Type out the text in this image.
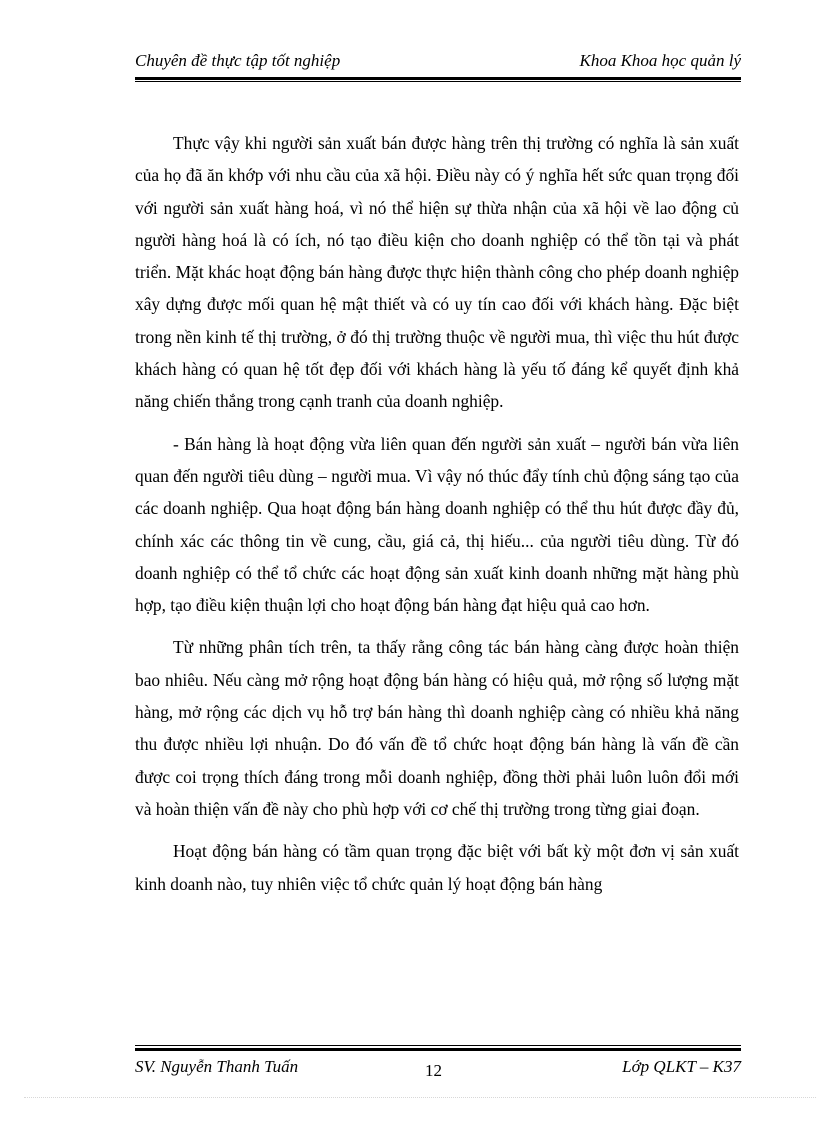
Chuyên đề thực tập tốt nghiệp	Khoa Khoa học quản lý

Thực vậy khi người sản xuất bán được hàng trên thị trường có nghĩa là sản xuất của họ đã ăn khớp với nhu cầu của xã hội. Điều này có ý nghĩa hết sức quan trọng đối với người sản xuất hàng hoá, vì nó thể hiện sự thừa nhận của xã hội về lao động củ người hàng hoá là có ích, nó tạo điều kiện cho doanh nghiệp có thể tồn tại và phát triển. Mặt khác hoạt động bán hàng được thực hiện thành công cho phép doanh nghiệp xây dựng được mối quan hệ mật thiết và có uy tín cao đối với khách hàng. Đặc biệt trong nền kinh tế thị trường, ở đó thị trường thuộc về người mua, thì việc thu hút được khách hàng có quan hệ tốt đẹp đối với khách hàng là yếu tố đáng kể quyết định khả năng chiến thắng trong cạnh tranh của doanh nghiệp.

- Bán hàng là hoạt động vừa liên quan đến người sản xuất – người bán vừa liên quan đến người tiêu dùng – người mua. Vì vậy nó thúc đẩy tính chủ động sáng tạo của các doanh nghiệp. Qua hoạt động bán hàng doanh nghiệp có thể thu hút được đầy đủ, chính xác các thông tin về cung, cầu, giá cả, thị hiếu... của người tiêu dùng. Từ đó doanh nghiệp có thể tổ chức các hoạt động sản xuất kinh doanh những mặt hàng phù hợp, tạo điều kiện thuận lợi cho hoạt động bán hàng đạt hiệu quả cao hơn.

Từ những phân tích trên, ta thấy rằng công tác bán hàng càng được hoàn thiện bao nhiêu. Nếu càng mở rộng hoạt động bán hàng có hiệu quả, mở rộng số lượng mặt hàng, mở rộng các dịch vụ hỗ trợ bán hàng thì doanh nghiệp càng có nhiều khả năng thu được nhiều lợi nhuận. Do đó vấn đề tổ chức hoạt động bán hàng là vấn đề cần được coi trọng thích đáng trong mỗi doanh nghiệp, đồng thời phải luôn luôn đổi mới và hoàn thiện vấn đề này cho phù hợp với cơ chế thị trường trong từng giai đoạn.

Hoạt động bán hàng có tầm quan trọng đặc biệt với bất kỳ một đơn vị sản xuất kinh doanh nào, tuy nhiên việc tổ chức quản lý hoạt động bán hàng

SV. Nguyễn Thanh Tuấn	12	Lớp QLKT – K37
